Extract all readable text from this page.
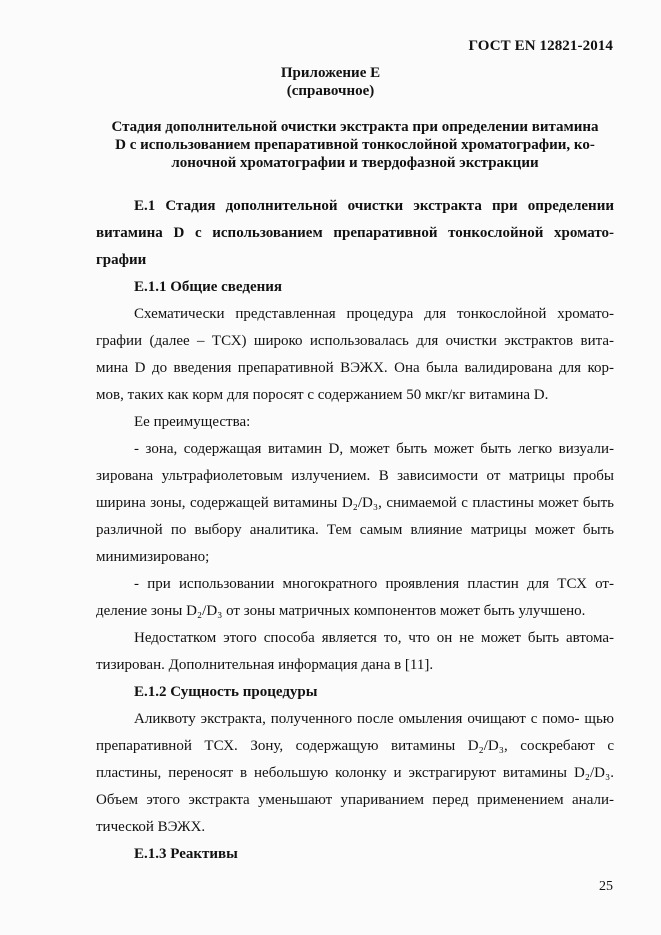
ГОСТ EN 12821-2014
Приложение Е
(справочное)
Стадия дополнительной очистки экстракта при определении витамина
D с использованием препаративной тонкослойной хроматографии, ко-
лоночной хроматографии и твердофазной экстракции

Е.1 Стадия дополнительной очистки экстракта при определении витамина D с использованием препаративной тонкослойной хромато- графии

Е.1.1 Общие сведения

Схематически представленная процедура для тонкослойной хромато- графии (далее – ТСХ) широко использовалась для очистки экстрактов вита- мина D до введения препаративной ВЭЖХ. Она была валидирована для кор- мов, таких как корм для поросят с содержанием 50 мкг/кг витамина D.

Ее преимущества:

- зона, содержащая витамин D, может быть может быть легко визуали- зирована ультрафиолетовым излучением. В зависимости от матрицы пробы ширина зоны, содержащей витамины D₂/D₃, снимаемой с пластины может быть различной по выбору аналитика. Тем самым влияние матрицы может быть минимизировано;

- при использовании многократного проявления пластин для ТСХ от- деление зоны D₂/D₃ от зоны матричных компонентов может быть улучшено.

Недостатком этого способа является то, что он не может быть автома- тизирован. Дополнительная информация дана в [11].

Е.1.2 Сущность процедуры

Аликвоту экстракта, полученного после омыления очищают с помо- щью препаративной ТСХ. Зону, содержащую витамины D₂/D₃, соскребают с пластины, переносят в небольшую колонку и экстрагируют витамины D₂/D₃. Объем этого экстракта уменьшают упариванием перед применением анали- тической ВЭЖХ.

Е.1.3 Реактивы

25
